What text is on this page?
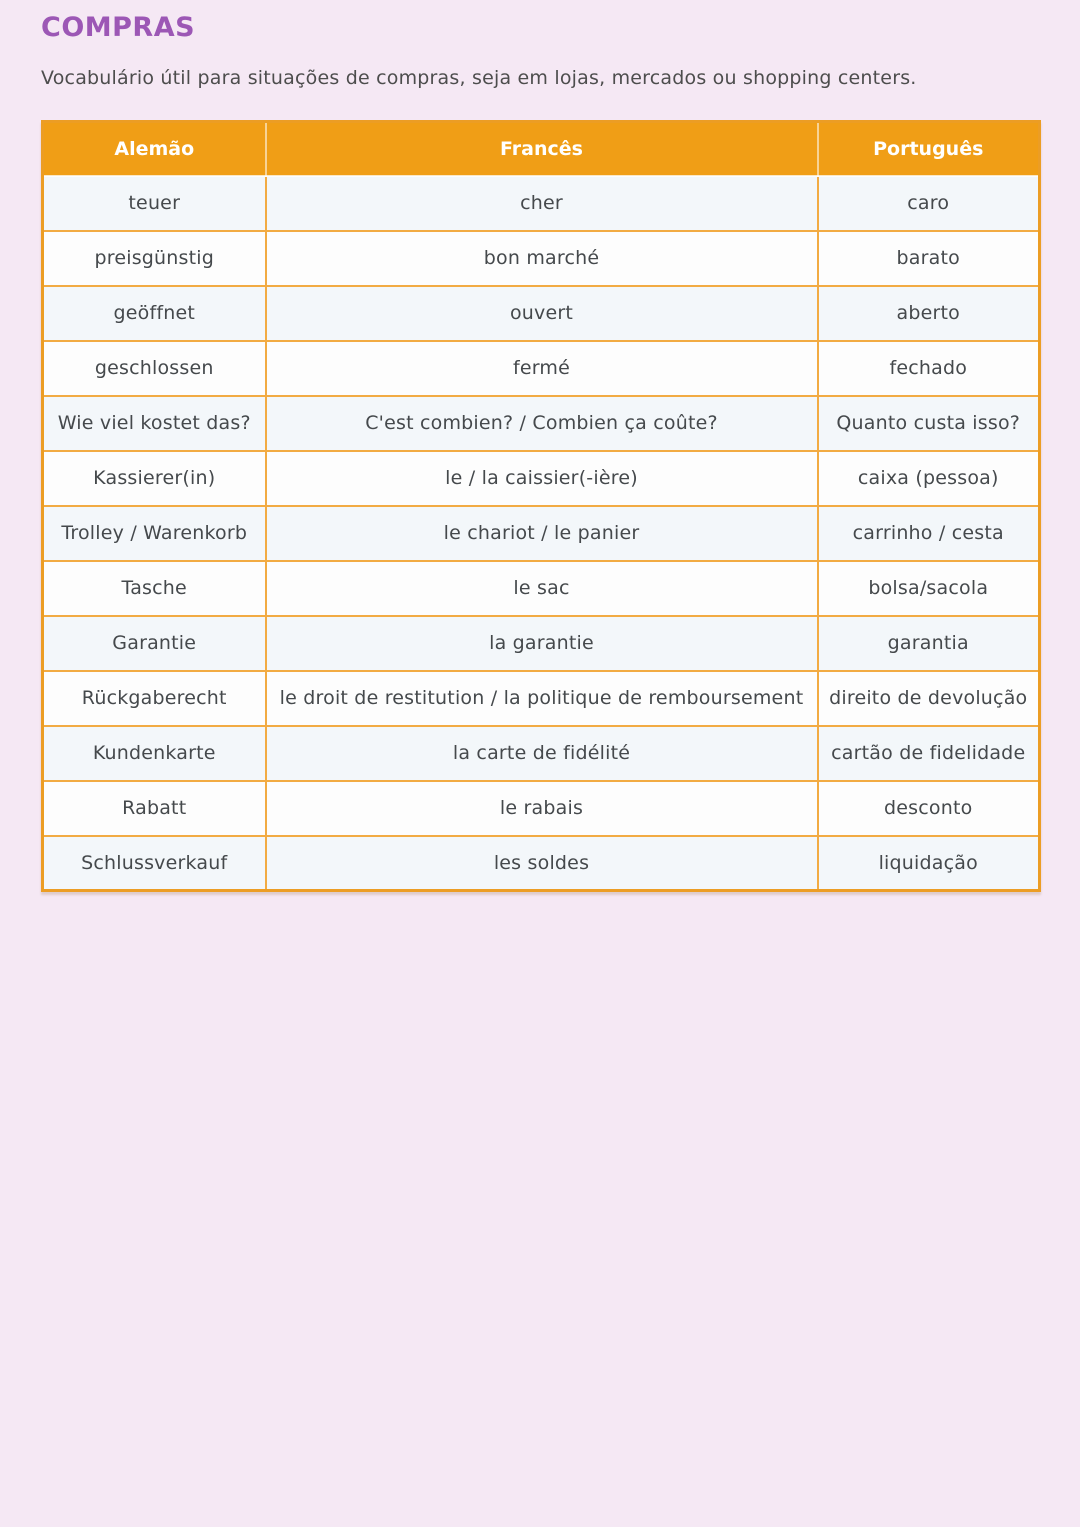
COMPRAS

Vocabulário útil para situações de compras, seja em lojas, mercados ou shopping centers.

Alemão	Francês	Português
teuer	cher	caro
preisgünstig	bon marché	barato
geöffnet	ouvert	aberto
geschlossen	fermé	fechado
Wie viel kostet das?	C'est combien? / Combien ça coûte?	Quanto custa isso?
Kassierer(in)	le / la caissier(-ière)	caixa (pessoa)
Trolley / Warenkorb	le chariot / le panier	carrinho / cesta
Tasche	le sac	bolsa/sacola
Garantie	la garantie	garantia
Rückgaberecht	le droit de restitution / la politique de remboursement	direito de devolução
Kundenkarte	la carte de fidélité	cartão de fidelidade
Rabatt	le rabais	desconto
Schlussverkauf	les soldes	liquidação
